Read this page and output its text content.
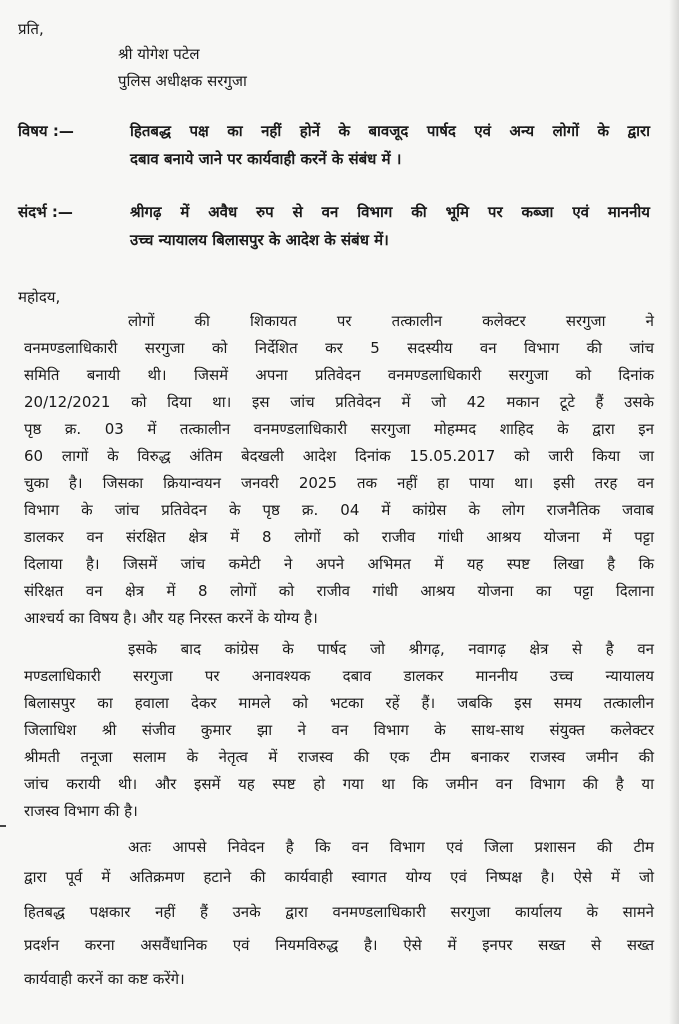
प्रति,
श्री योगेश पटेल
पुलिस अधीक्षक सरगुजा
विषय :—	हितबद्ध पक्ष का नहीं होनें के बावजूद पार्षद एवं अन्य लोगों के द्वारा
दबाव बनाये जाने पर कार्यवाही करनें के संबंध में ।
संदर्भ :—	श्रीगढ़ में अवैध रुप से वन विभाग की भूमि पर कब्जा एवं माननीय
उच्च न्यायालय बिलासपुर के आदेश के संबंध में।
महोदय,
लोगों की शिकायत पर तत्कालीन कलेक्टर सरगुजा ने
वनमण्डलाधिकारी सरगुजा को निर्देशित कर 5 सदस्यीय वन विभाग की जांच
समिति बनायी थी। जिसमें अपना प्रतिवेदन वनमण्डलाधिकारी सरगुजा को दिनांक
20/12/2021 को दिया था। इस जांच प्रतिवेदन में जो 42 मकान टूटे हैं उसके
पृष्ठ क्र. 03 में तत्कालीन वनमण्डलाधिकारी सरगुजा मोहम्मद शाहिद के द्वारा इन
60 लागों के विरुद्ध अंतिम बेदखली आदेश दिनांक 15.05.2017 को जारी किया जा
चुका है। जिसका क्रियान्वयन जनवरी 2025 तक नहीं हा पाया था। इसी तरह वन
विभाग के जांच प्रतिवेदन के पृष्ठ क्र. 04 में कांग्रेस के लोग राजनैतिक जवाब
डालकर वन संरक्षित क्षेत्र में 8 लोगों को राजीव गांधी आश्रय योजना में पट्टा
दिलाया है। जिसमें जांच कमेटी ने अपने अभिमत में यह स्पष्ट लिखा है कि
संरिक्षत वन क्षेत्र में 8 लोगों को राजीव गांधी आश्रय योजना का पट्टा दिलाना
आश्चर्य का विषय है। और यह निरस्त करनें के योग्य है।
इसके बाद कांग्रेस के पार्षद जो श्रीगढ़, नवागढ़ क्षेत्र से है वन
मण्डलाधिकारी सरगुजा पर अनावश्यक दबाव डालकर माननीय उच्च न्यायालय
बिलासपुर का हवाला देकर मामले को भटका रहें हैं। जबकि इस समय तत्कालीन
जिलाधिश श्री संजीव कुमार झा ने वन विभाग के साथ-साथ संयुक्त कलेक्टर
श्रीमती तनूजा सलाम के नेतृत्व में राजस्व की एक टीम बनाकर राजस्व जमीन की
जांच करायी थी। और इसमें यह स्पष्ट हो गया था कि जमीन वन विभाग की है या
राजस्व विभाग की है।
अतः आपसे निवेदन है कि वन विभाग एवं जिला प्रशासन की टीम
द्वारा पूर्व में अतिक्रमण हटाने की कार्यवाही स्वागत योग्य एवं निष्पक्ष है। ऐसे में जो
हितबद्ध पक्षकार नहीं हैं उनके द्वारा वनमण्डलाधिकारी सरगुजा कार्यालय के सामने
प्रदर्शन करना असवैंधानिक एवं नियमविरुद्ध है। ऐसे में इनपर सख्त से सख्त
कार्यवाही करनें का कष्ट करेंगे।
